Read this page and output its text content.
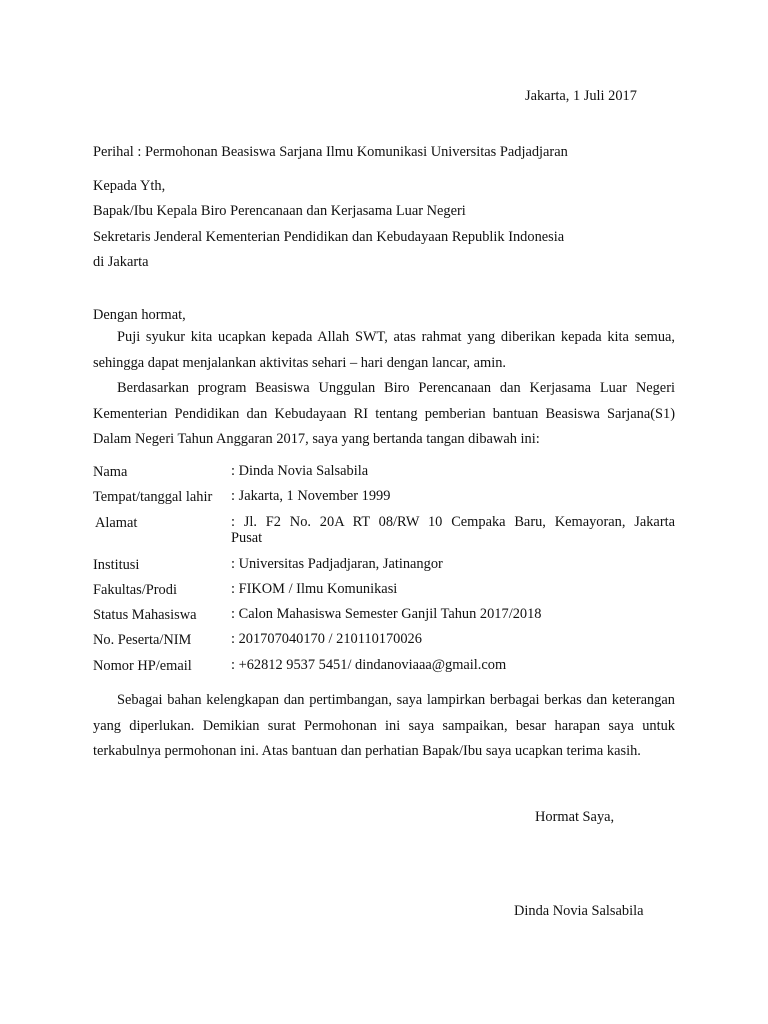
Jakarta, 1 Juli 2017
Perihal : Permohonan Beasiswa Sarjana Ilmu Komunikasi Universitas Padjadjaran
Kepada Yth,
Bapak/Ibu Kepala Biro Perencanaan dan Kerjasama Luar Negeri
Sekretaris Jenderal Kementerian Pendidikan dan Kebudayaan Republik Indonesia
di Jakarta
Dengan hormat,
Puji syukur kita ucapkan kepada Allah SWT, atas rahmat yang diberikan kepada kita semua, sehingga dapat menjalankan aktivitas sehari – hari dengan lancar, amin.
Berdasarkan program Beasiswa Unggulan Biro Perencanaan dan Kerjasama Luar Negeri Kementerian Pendidikan dan Kebudayaan RI tentang pemberian bantuan Beasiswa Sarjana(S1) Dalam Negeri Tahun Anggaran 2017, saya yang bertanda tangan dibawah ini:
Nama	: Dinda Novia Salsabila
Tempat/tanggal lahir : Jakarta, 1 November 1999
Alamat	: Jl. F2 No. 20A RT 08/RW 10 Cempaka Baru, Kemayoran, Jakarta
Pusat
Institusi	: Universitas Padjadjaran, Jatinangor
Fakultas/Prodi	: FIKOM / Ilmu Komunikasi
Status Mahasiswa : Calon Mahasiswa Semester Ganjil Tahun 2017/2018
No. Peserta/NIM	: 201707040170 / 210110170026
Nomor HP/email	: +62812 9537 5451/ dindanoviaaa@gmail.com
Sebagai bahan kelengkapan dan pertimbangan, saya lampirkan berbagai berkas dan keterangan yang diperlukan. Demikian surat Permohonan ini saya sampaikan, besar harapan saya untuk terkabulnya permohonan ini. Atas bantuan dan perhatian Bapak/Ibu saya ucapkan terima kasih.
Hormat Saya,
Dinda Novia Salsabila
